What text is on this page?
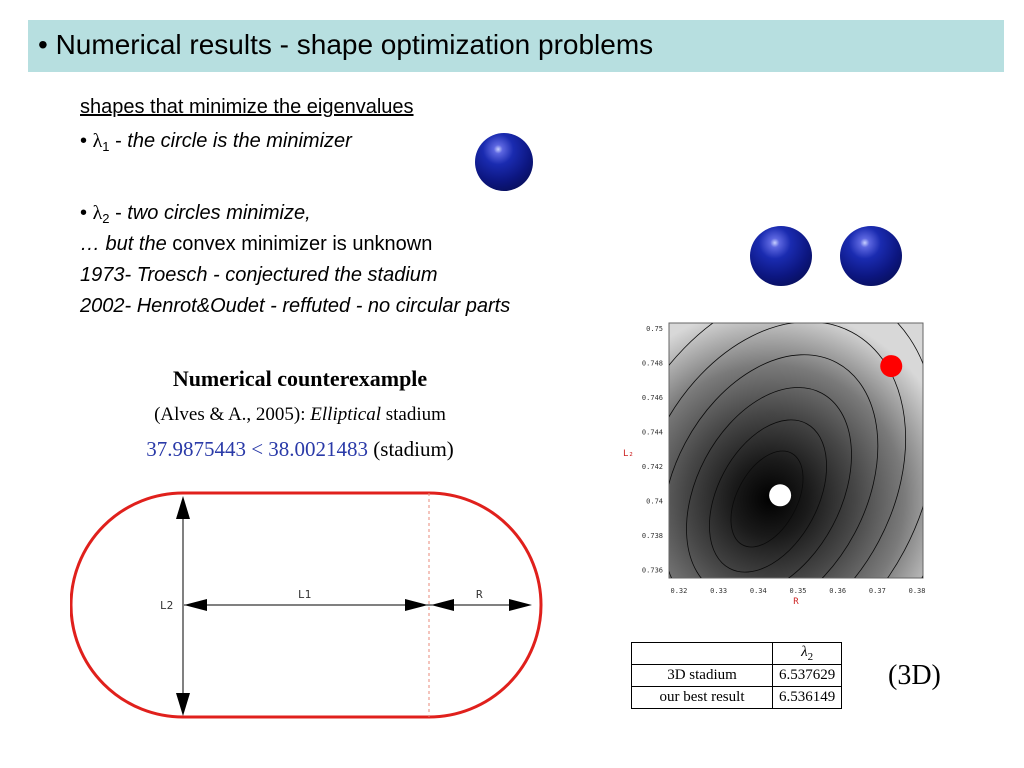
• Numerical results - shape optimization problems
shapes that minimize the eigenvalues
• $\lambda_1$ - the circle is the minimizer
• $\lambda_2$ - two circles minimize,
… but the convex minimizer is unknown
1973- Troesch - conjectured the stadium
2002- Henrot&Oudet - reffuted - no circular parts
Numerical counterexample
(Alves & A., 2005): Elliptical stadium
37.9875443 < 38.0021483 (stadium)
L2
L1	R	0.32	0.33	0.34	0.35	0.36	0.37	0.38
0.75
0.748
0.746
0.744
0.742
0.74
0.738
0.736
R
L₂
	$\lambda_2$
3D stadium	6.537629
our best result	6.536149
(3D)
